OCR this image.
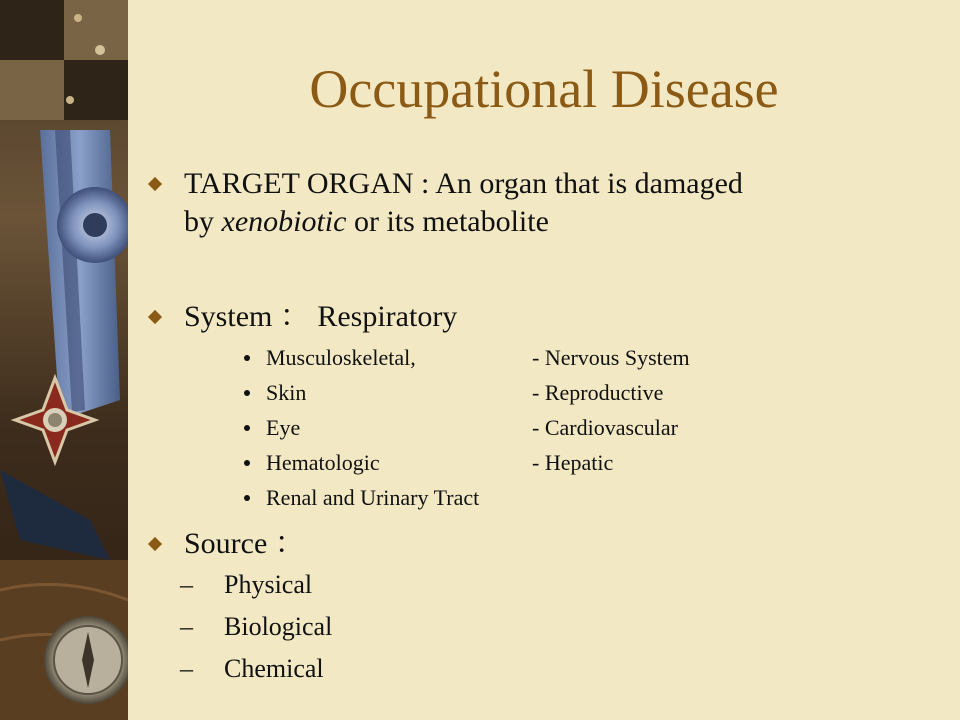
Occupational Disease
TARGET ORGAN : An organ that is damaged
by xenobiotic or its metabolite
System ： Respiratory
Musculoskeletal,	- Nervous System
Skin	- Reproductive
Eye	- Cardiovascular
Hematologic	- Hepatic
Renal and Urinary Tract
Source ：
– Physical
– Biological
– Chemical
